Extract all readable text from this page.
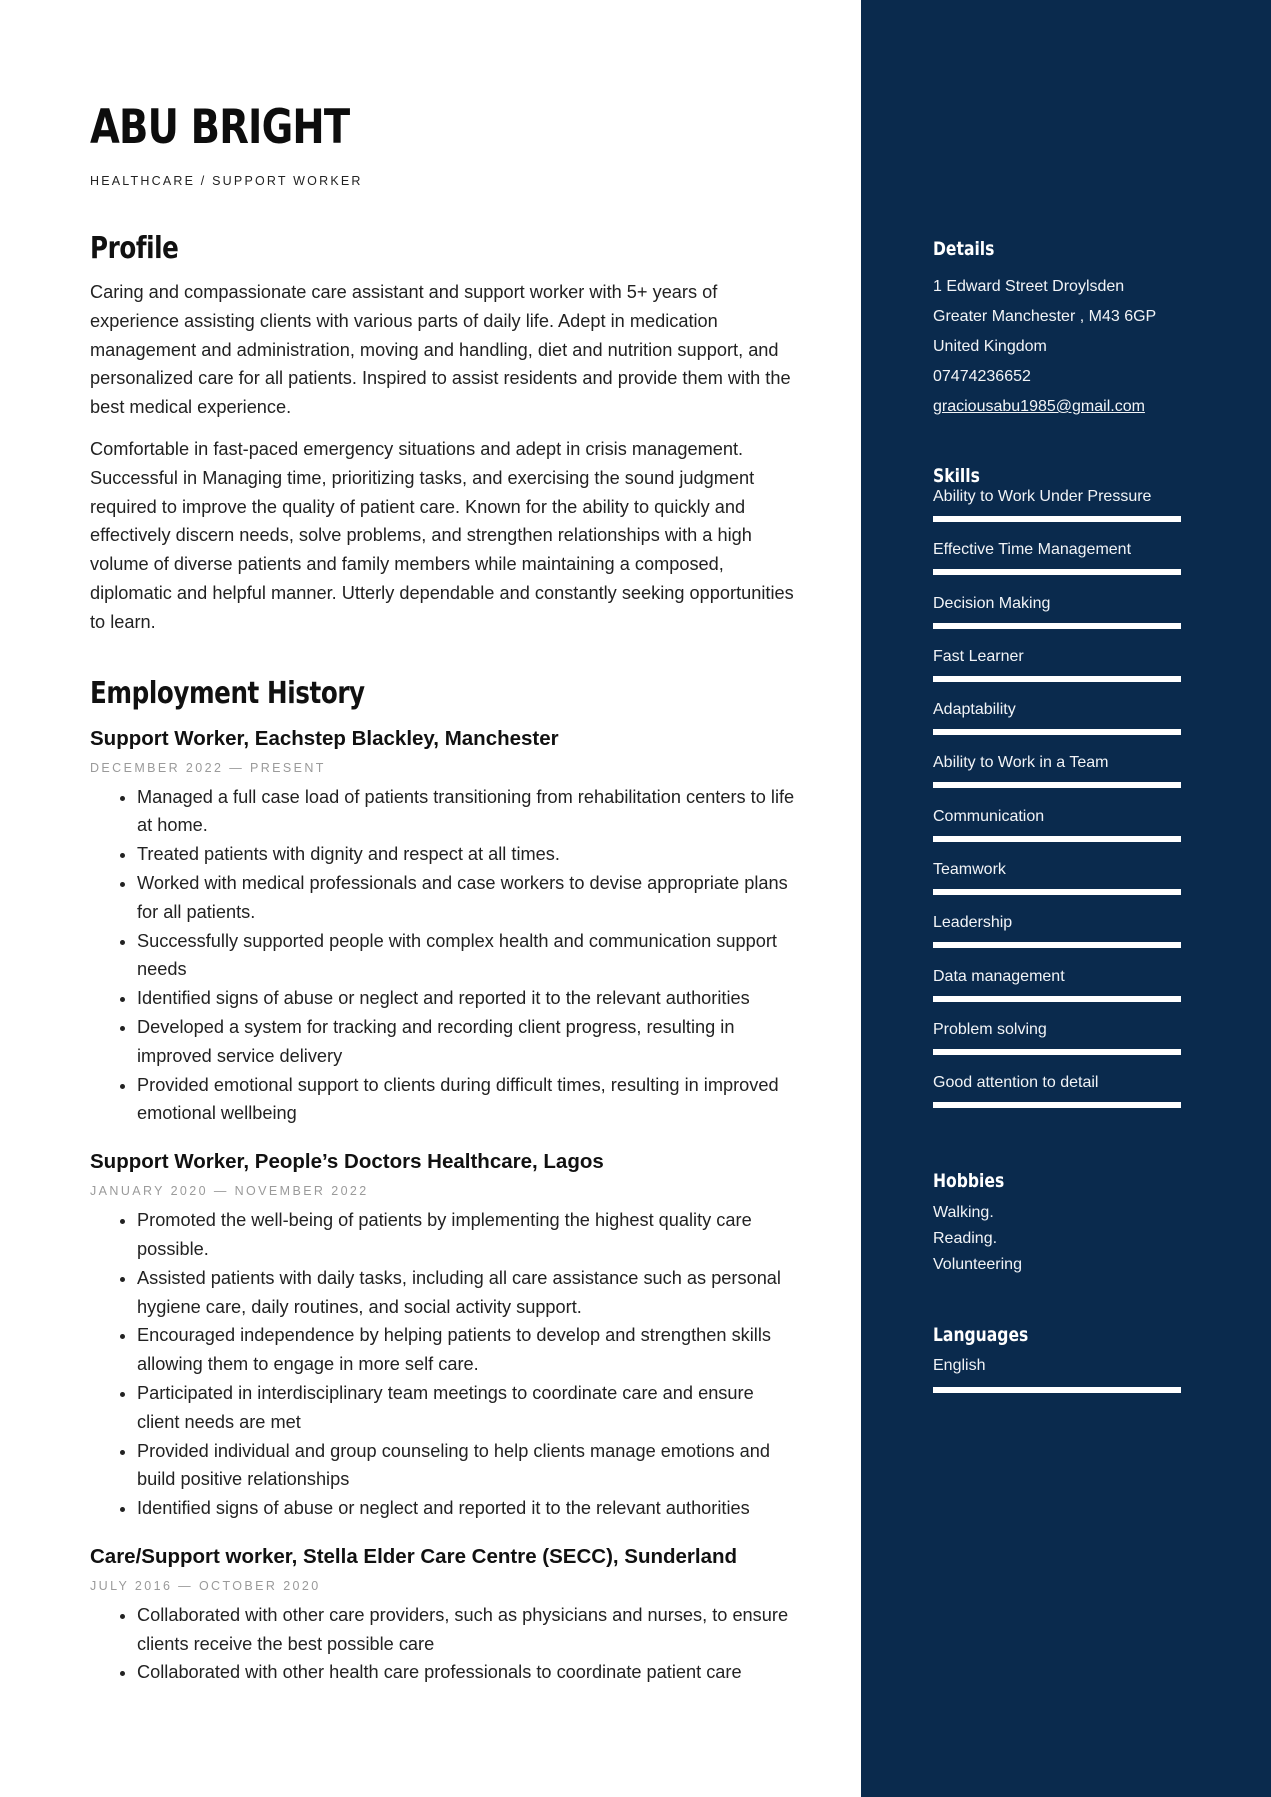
ABU BRIGHT
HEALTHCARE / SUPPORT WORKER
Profile

Caring and compassionate care assistant and support worker with 5+ years of experience assisting clients with various parts of daily life. Adept in medication management and administration, moving and handling, diet and nutrition support, and personalized care for all patients. Inspired to assist residents and provide them with the best medical experience.

Comfortable in fast-paced emergency situations and adept in crisis management. Successful in Managing time, prioritizing tasks, and exercising the sound judgment required to improve the quality of patient care. Known for the ability to quickly and effectively discern needs, solve problems, and strengthen relationships with a high volume of diverse patients and family members while maintaining a composed, diplomatic and helpful manner. Utterly dependable and constantly seeking opportunities to learn.

Employment History
Support Worker, Eachstep Blackley, Manchester
DECEMBER 2022 — PRESENT
• Managed a full case load of patients transitioning from rehabilitation centers to life at home.
• Treated patients with dignity and respect at all times.
• Worked with medical professionals and case workers to devise appropriate plans for all patients.
• Successfully supported people with complex health and communication support needs
• Identified signs of abuse or neglect and reported it to the relevant authorities
• Developed a system for tracking and recording client progress, resulting in improved service delivery
• Provided emotional support to clients during difficult times, resulting in improved emotional wellbeing
Support Worker, People’s Doctors Healthcare, Lagos
JANUARY 2020 — NOVEMBER 2022
• Promoted the well-being of patients by implementing the highest quality care possible.
• Assisted patients with daily tasks, including all care assistance such as personal hygiene care, daily routines, and social activity support.
• Encouraged independence by helping patients to develop and strengthen skills allowing them to engage in more self care.
• Participated in interdisciplinary team meetings to coordinate care and ensure client needs are met
• Provided individual and group counseling to help clients manage emotions and build positive relationships
• Identified signs of abuse or neglect and reported it to the relevant authorities
Care/Support worker, Stella Elder Care Centre (SECC), Sunderland
JULY 2016 — OCTOBER 2020
• Collaborated with other care providers, such as physicians and nurses, to ensure clients receive the best possible care
• Collaborated with other health care professionals to coordinate patient care
Details
1 Edward Street Droylsden
Greater Manchester , M43 6GP
United Kingdom
07474236652
graciousabu1985@gmail.com
Skills
Ability to Work Under Pressure
Effective Time Management
Decision Making
Fast Learner
Adaptability
Ability to Work in a Team
Communication
Teamwork
Leadership
Data management
Problem solving
Good attention to detail
Hobbies
Walking.
Reading.
Volunteering
Languages
English
